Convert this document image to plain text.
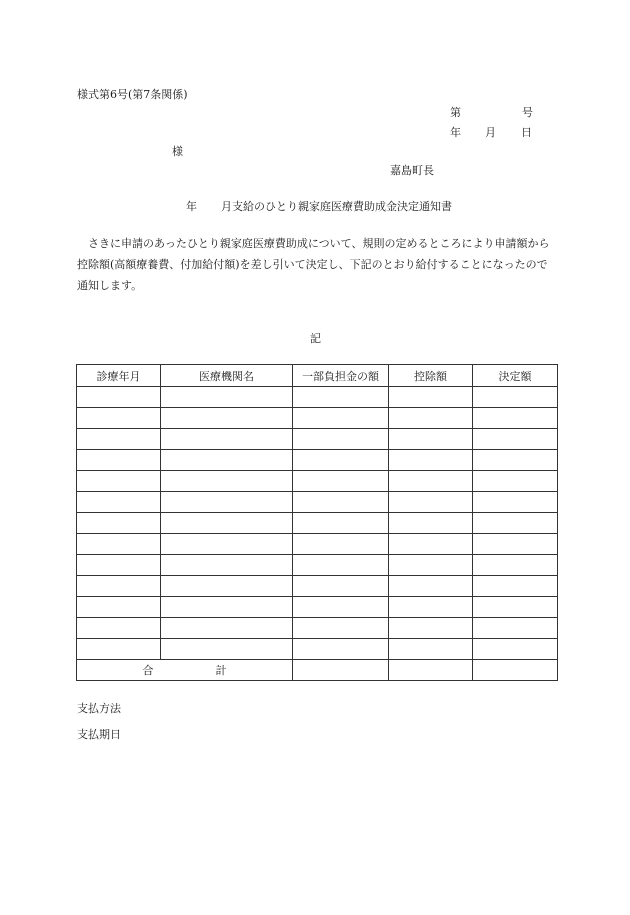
様式第6号(第7条関係)
第	号
年 月 日
様
嘉島町長
年 月支給のひとり親家庭医療費助成金決定通知書
さきに申請のあったひとり親家庭医療費助成について、規則の定めるところにより申請額から控除額(高額療養費、付加給付額)を差し引いて決定し、下記のとおり給付することになったので通知します。
記
診療年月	医療機関名	一部負担金の額	控除額	決定額

合 計				
支払方法
支払期日
